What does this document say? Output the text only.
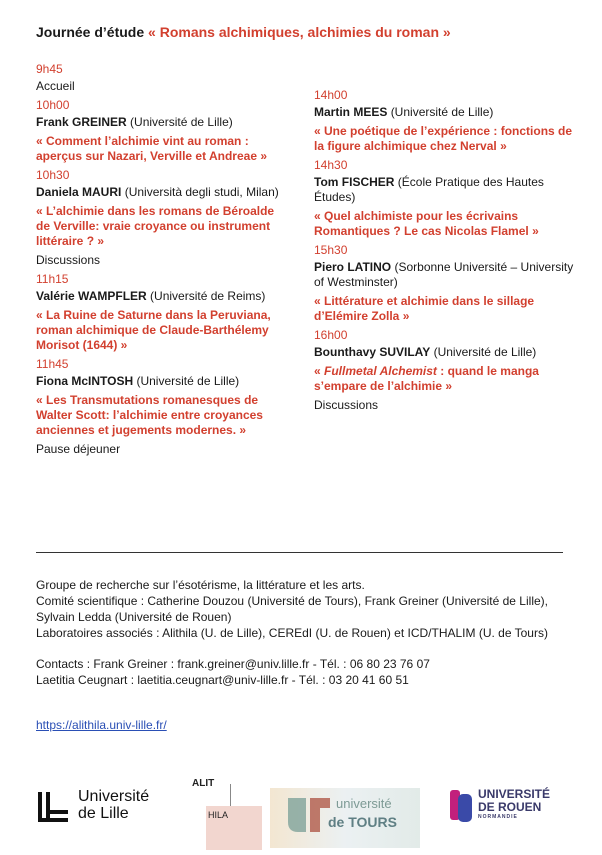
Journée d’étude « Romans alchimiques, alchimies du roman »
9h45
Accueil
10h00
Frank GREINER (Université de Lille)
« Comment l’alchimie vint au roman : aperçus sur Nazari, Verville et Andreae »
10h30
Daniela MAURI (Università degli studi, Milan)
« L’alchimie dans les romans de Béroalde de Verville: vraie croyance ou instrument littéraire ? »
Discussions
11h15
Valérie WAMPFLER (Université de Reims)
« La Ruine de Saturne dans la Peruviana, roman alchimique de Claude-Barthélemy Morisot (1644) »
11h45
Fiona McINTOSH (Université de Lille)
« Les Transmutations romanesques de Walter Scott: l’alchimie entre croyances anciennes et jugements modernes. »
Pause déjeuner
14h00
Martin MEES (Université de Lille)
« Une poétique de l’expérience : fonctions de la figure alchimique chez Nerval »
14h30
Tom FISCHER (École Pratique des Hautes Études)
« Quel alchimiste pour les écrivains Romantiques ? Le cas Nicolas Flamel »
15h30
Piero LATINO (Sorbonne Université – University of Westminster)
« Littérature et alchimie dans le sillage d’Elémire Zolla »
16h00
Bounthavy SUVILAY (Université de Lille)
« Fullmetal Alchemist : quand le manga s’empare de l’alchimie »
Discussions
Groupe de recherche sur l’ésotérisme, la littérature et les arts.
Comité scientifique : Catherine Douzou (Université de Tours), Frank Greiner (Université de Lille), Sylvain Ledda (Université de Rouen)
Laboratoires associés : Alithila (U. de Lille), CEREdI (U. de Rouen) et ICD/THALIM (U. de Tours)
Contacts : Frank Greiner : frank.greiner@univ.lille.fr - Tél. : 06 80 23 76 07
Laetitia Ceugnart : laetitia.ceugnart@univ-lille.fr - Tél. : 03 20 41 60 51
https://alithila.univ-lille.fr/
Université
de Lille
ALIT
HILA
université
de TOURS
UNIVERSITÉ
DE ROUEN
NORMANDIE
